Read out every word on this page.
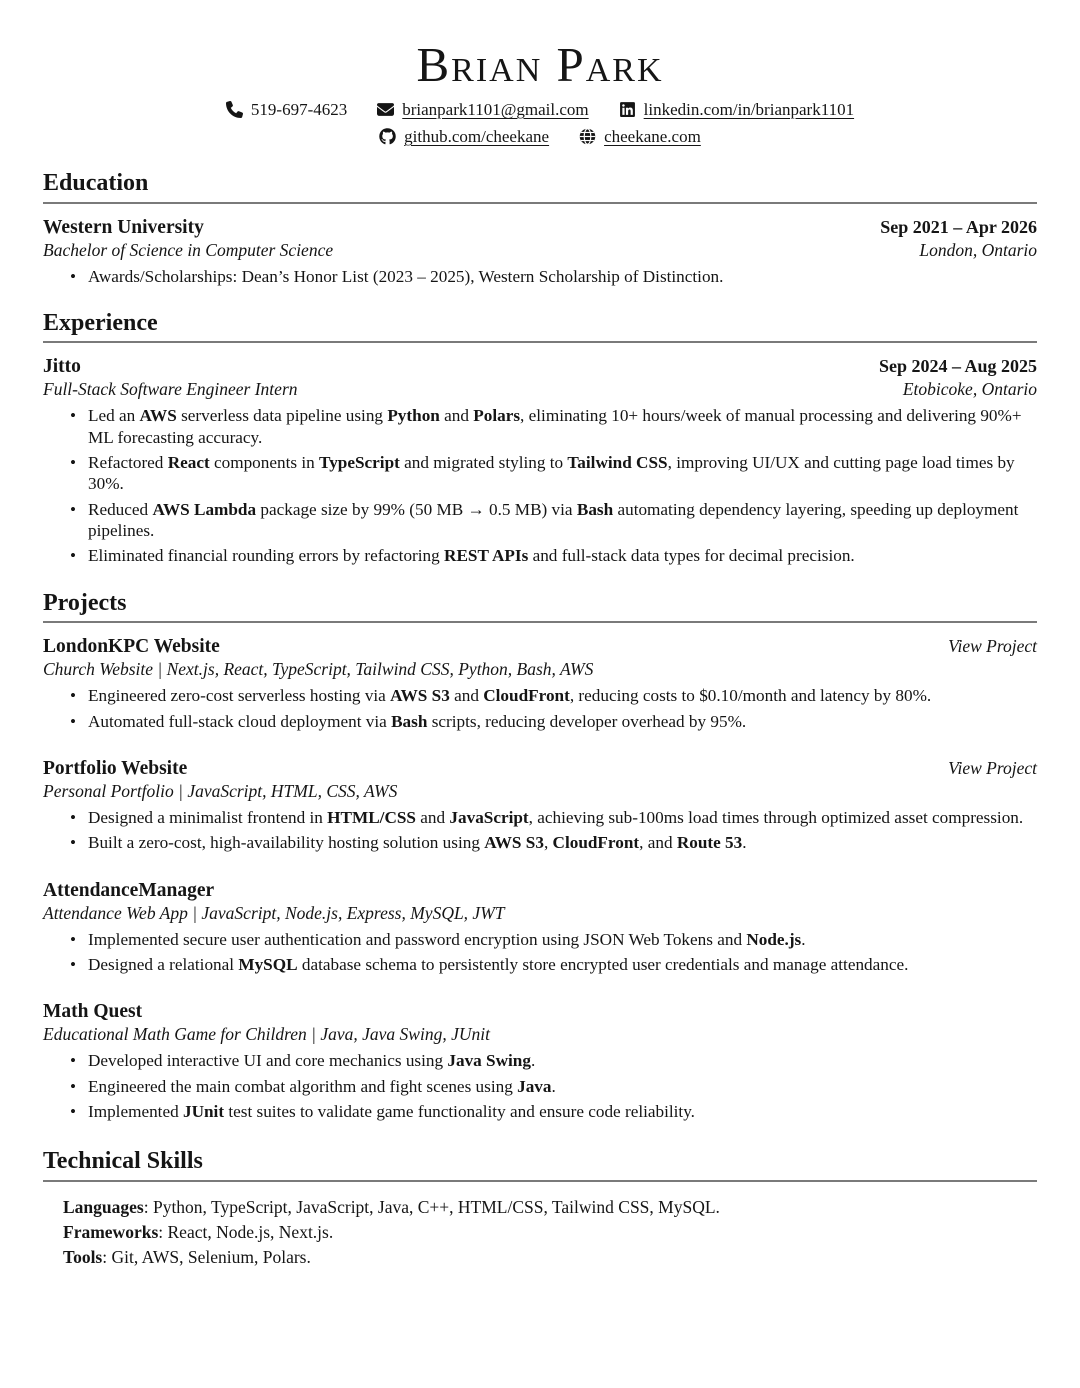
Brian Park
519-697-4623	brianpark1101@gmail.com	linkedin.com/in/brianpark1101
github.com/cheekane	cheekane.com
Education
Western University	Sep 2021 – Apr 2026
Bachelor of Science in Computer Science	London, Ontario
• Awards/Scholarships: Dean’s Honor List (2023 – 2025), Western Scholarship of Distinction.
Experience
Jitto	Sep 2024 – Aug 2025
Full-Stack Software Engineer Intern	Etobicoke, Ontario
• Led an AWS serverless data pipeline using Python and Polars, eliminating 10+ hours/week of manual processing and delivering 90%+ ML forecasting accuracy.
• Refactored React components in TypeScript and migrated styling to Tailwind CSS, improving UI/UX and cutting page load times by 30%.
• Reduced AWS Lambda package size by 99% (50 MB → 0.5 MB) via Bash automating dependency layering, speeding up deployment pipelines.
• Eliminated financial rounding errors by refactoring REST APIs and full-stack data types for decimal precision.
Projects
LondonKPC Website	View Project
Church Website | Next.js, React, TypeScript, Tailwind CSS, Python, Bash, AWS
• Engineered zero-cost serverless hosting via AWS S3 and CloudFront, reducing costs to $0.10/month and latency by 80%.
• Automated full-stack cloud deployment via Bash scripts, reducing developer overhead by 95%.
Portfolio Website	View Project
Personal Portfolio | JavaScript, HTML, CSS, AWS
• Designed a minimalist frontend in HTML/CSS and JavaScript, achieving sub-100ms load times through optimized asset compression.
• Built a zero-cost, high-availability hosting solution using AWS S3, CloudFront, and Route 53.
AttendanceManager
Attendance Web App | JavaScript, Node.js, Express, MySQL, JWT
• Implemented secure user authentication and password encryption using JSON Web Tokens and Node.js.
• Designed a relational MySQL database schema to persistently store encrypted user credentials and manage attendance.
Math Quest
Educational Math Game for Children | Java, Java Swing, JUnit
• Developed interactive UI and core mechanics using Java Swing.
• Engineered the main combat algorithm and fight scenes using Java.
• Implemented JUnit test suites to validate game functionality and ensure code reliability.
Technical Skills

Languages: Python, TypeScript, JavaScript, Java, C++, HTML/CSS, Tailwind CSS, MySQL.

Frameworks: React, Node.js, Next.js.

Tools: Git, AWS, Selenium, Polars.
